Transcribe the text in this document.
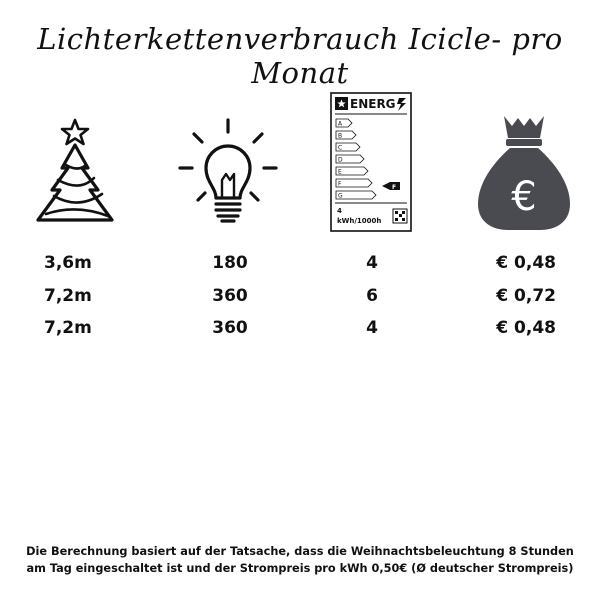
Lichterkettenverbrauch Icicle- pro Monat
ENERG
A
B
C
D
E
F
G
F
4
kWh/1000h
€
3,6m	180	4	€ 0,48
7,2m	360	6	€ 0,72
7,2m	360	4	€ 0,48
Die Berechnung basiert auf der Tatsache, dass die Weihnachtsbeleuchtung 8 Stunden
am Tag eingeschaltet ist und der Strompreis pro kWh 0,50€ (Ø deutscher Strompreis)
